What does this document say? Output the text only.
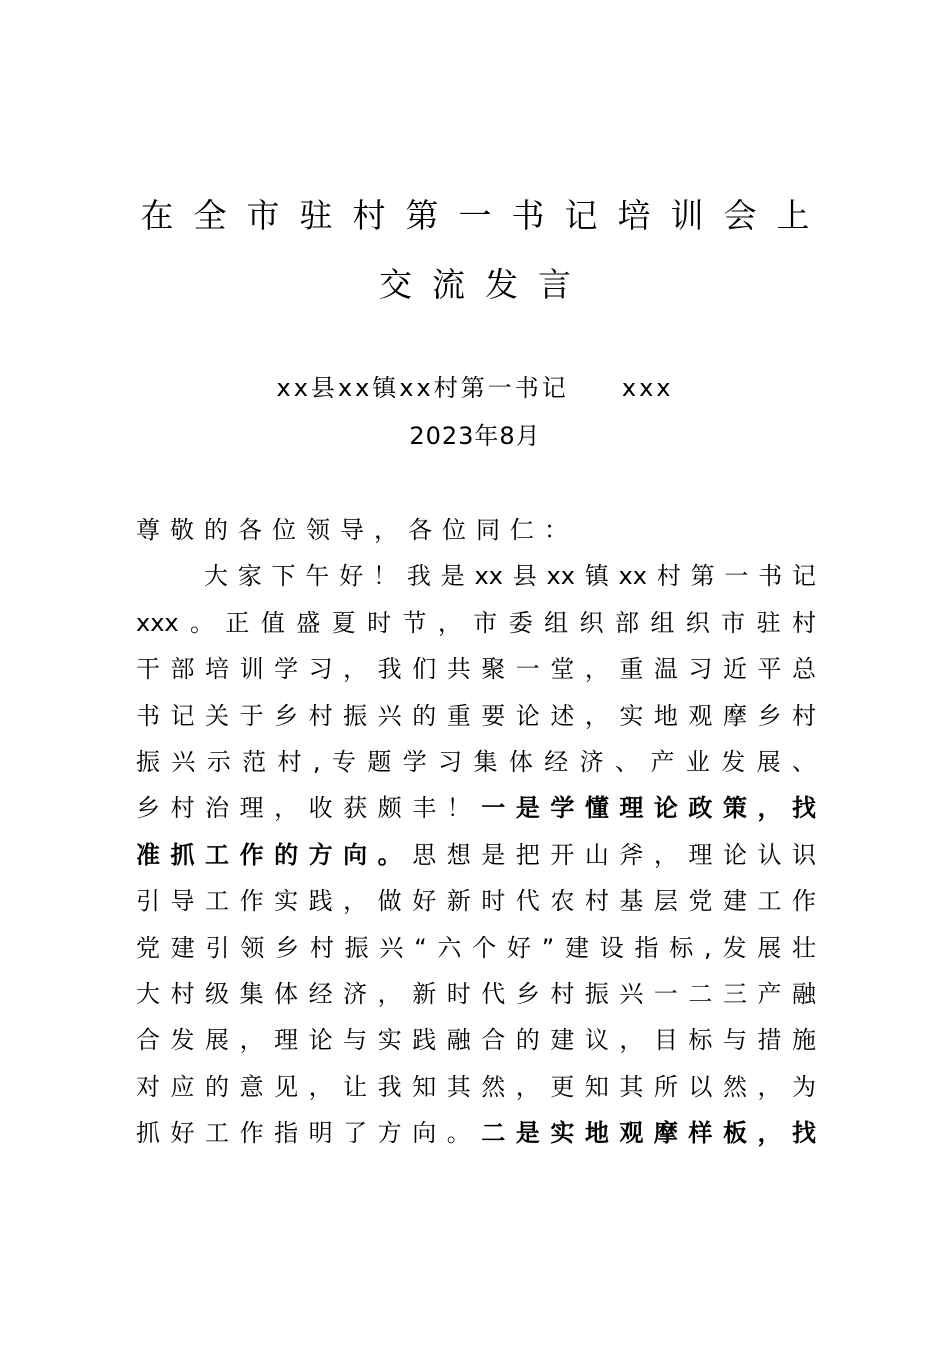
在全市驻村第一书记培训会上
交流发言
xx县xx镇xx村第一书记     xxx
2023年8月
尊敬的各位领导，各位同仁：
大家下午好！我是xx县xx镇xx村第一书记
xxx。正值盛夏时节，市委组织部组织市驻村
干部培训学习，我们共聚一堂，重温习近平总
书记关于乡村振兴的重要论述，实地观摩乡村
振兴示范村,专题学习集体经济、产业发展、
乡村治理，收获颇丰！一是学懂理论政策，找
准抓工作的方向。思想是把开山斧，理论认识
引导工作实践，做好新时代农村基层党建工作
党建引领乡村振兴“六个好”建设指标,发展壮
大村级集体经济，新时代乡村振兴一二三产融
合发展，理论与实践融合的建议，目标与措施
对应的意见，让我知其然，更知其所以然，为
抓好工作指明了方向。二是实地观摩样板，找
